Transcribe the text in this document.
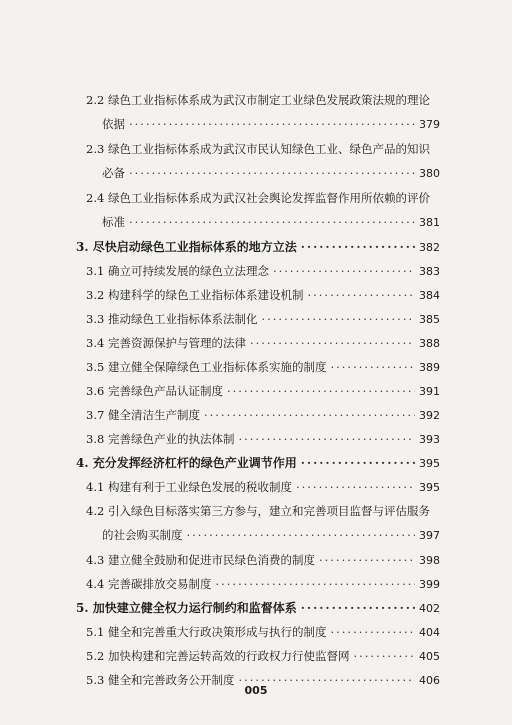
2.2 绿色工业指标体系成为武汉市制定工业绿色发展政策法规的理论
依据 ·····	379
2.3 绿色工业指标体系成为武汉市民认知绿色工业、绿色产品的知识
必备 ·····	380
2.4 绿色工业指标体系成为武汉社会舆论发挥监督作用所依赖的评价
标准 ·····	381
3. 尽快启动绿色工业指标体系的地方立法 ·····	382
3.1 确立可持续发展的绿色立法理念 ·····	383
3.2 构建科学的绿色工业指标体系建设机制 ·····	384
3.3 推动绿色工业指标体系法制化 ·····	385
3.4 完善资源保护与管理的法律 ·····	388
3.5 建立健全保障绿色工业指标体系实施的制度 ·····	389
3.6 完善绿色产品认证制度 ·····	391
3.7 健全清洁生产制度 ·····	392
3.8 完善绿色产业的执法体制 ·····	393
4. 充分发挥经济杠杆的绿色产业调节作用 ·····	395
4.1 构建有利于工业绿色发展的税收制度 ·····	395
4.2 引入绿色目标落实第三方参与，建立和完善项目监督与评估服务
的社会购买制度 ·····	397
4.3 建立健全鼓励和促进市民绿色消费的制度 ·····	398
4.4 完善碳排放交易制度 ·····	399
5. 加快建立健全权力运行制约和监督体系 ·····	402
5.1 健全和完善重大行政决策形成与执行的制度 ·····	404
5.2 加快构建和完善运转高效的行政权力行使监督网 ·····	405
5.3 健全和完善政务公开制度 ·····	406
005
